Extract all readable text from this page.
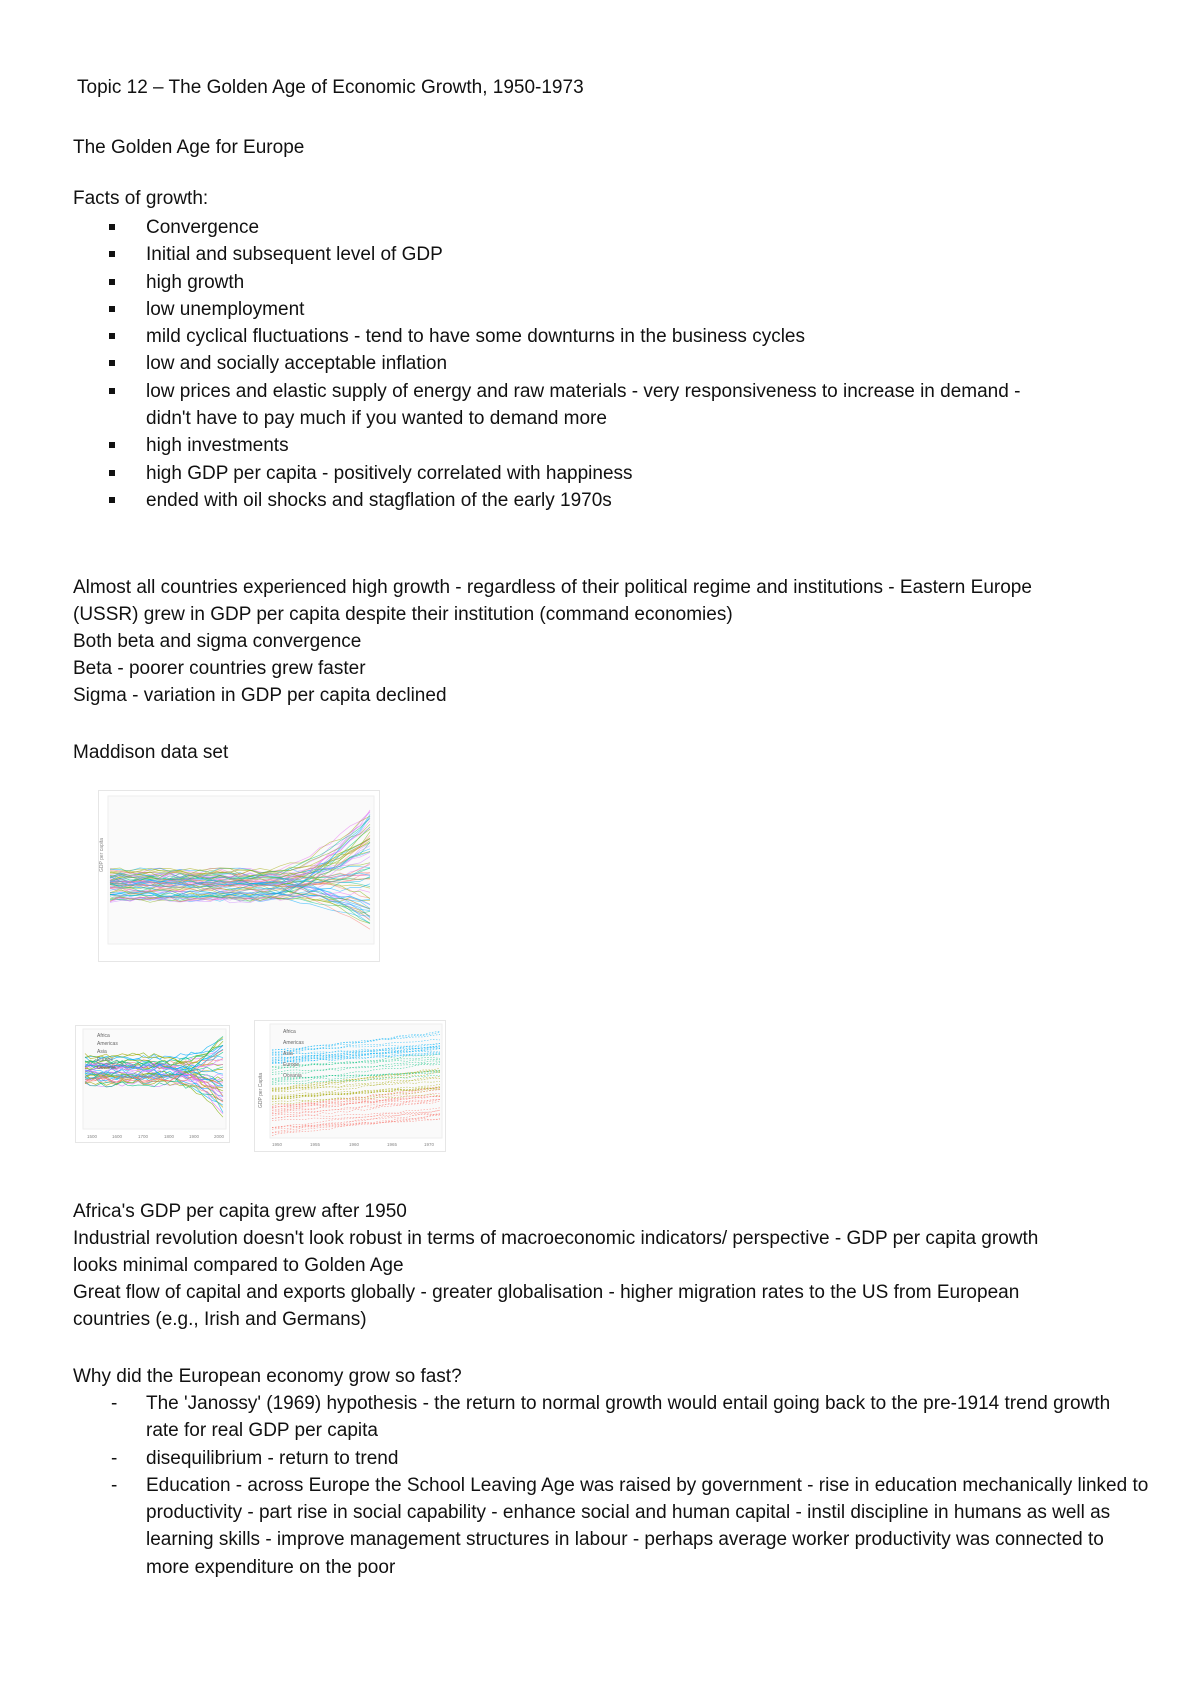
Topic 12 – The Golden Age of Economic Growth, 1950-1973
The Golden Age for Europe
Facts of growth:
Convergence
Initial and subsequent level of GDP
high growth
low unemployment
mild cyclical fluctuations - tend to have some downturns in the business cycles
low and socially acceptable inflation
low prices and elastic supply of energy and raw materials - very responsiveness to increase in demand - didn't have to pay much if you wanted to demand more
high investments
high GDP per capita - positively correlated with happiness
ended with oil shocks and stagflation of the early 1970s
Almost all countries experienced high growth - regardless of their political regime and institutions - Eastern Europe
(USSR) grew in GDP per capita despite their institution (command economies)
Both beta and sigma convergence
Beta - poorer countries grew faster
Sigma - variation in GDP per capita declined
Maddison data set
GDP per capita
Africa
Americas
Asia
Europe
Oceania
1500	1600	1700	1800	1900	2000
GDP per Capita
Africa
Americas
Asia
Europe
Oceania
1950	1955	1960	1965	1970
Africa's GDP per capita grew after 1950
Industrial revolution doesn't look robust in terms of macroeconomic indicators/ perspective - GDP per capita growth
looks minimal compared to Golden Age
Great flow of capital and exports globally - greater globalisation - higher migration rates to the US from European
countries (e.g., Irish and Germans)
Why did the European economy grow so fast?
- The 'Janossy' (1969) hypothesis - the return to normal growth would entail going back to the pre-1914 trend growth rate for real GDP per capita
- disequilibrium - return to trend
- Education - across Europe the School Leaving Age was raised by government - rise in education mechanically linked to productivity - part rise in social capability - enhance social and human capital - instil discipline in humans as well as learning skills - improve management structures in labour - perhaps average worker productivity was connected to more expenditure on the poor
